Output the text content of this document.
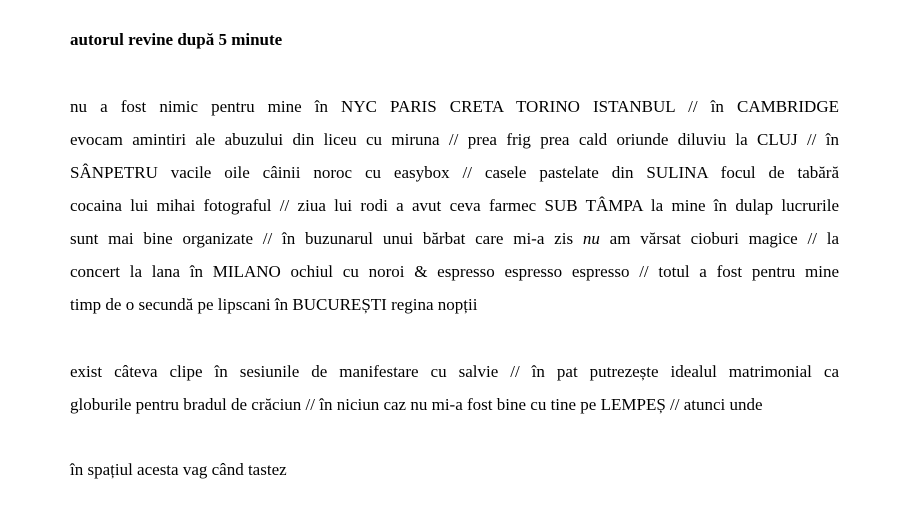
autorul revine după 5 minute
nu a fost nimic pentru mine în NYC PARIS CRETA TORINO ISTANBUL // în CAMBRIDGE
evocam amintiri ale abuzului din liceu cu miruna // prea frig prea cald oriunde diluviu la CLUJ // în
SÂNPETRU vacile oile câinii noroc cu easybox // casele pastelate din SULINA focul de tabără
cocaina lui mihai fotograful // ziua lui rodi a avut ceva farmec SUB TÂMPA la mine în dulap lucrurile
sunt mai bine organizate // în buzunarul unui bărbat care mi-a zis nu am vărsat cioburi magice // la
concert la lana în MILANO ochiul cu noroi & espresso espresso espresso // totul a fost pentru mine
timp de o secundă pe lipscani în BUCUREȘTI regina nopții
exist câteva clipe în sesiunile de manifestare cu salvie // în pat putrezește idealul matrimonial ca
globurile pentru bradul de crăciun // în niciun caz nu mi-a fost bine cu tine pe LEMPEȘ // atunci unde
în spațiul acesta vag când tastez
